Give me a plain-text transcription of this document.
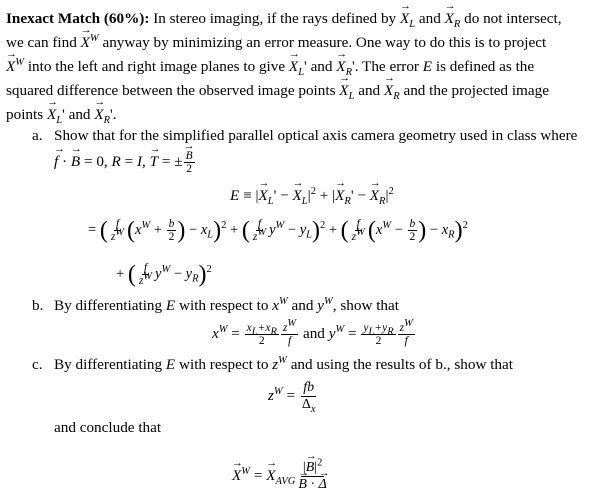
Inexact Match (60%): In stereo imaging, if the rays defined by → $X_L$ and → $X_R$ do not intersect,
we can find → $X^W$ anyway by minimizing an error measure. One way to do this is to project
→ $X^W$ into the left and right image planes to give → $X_L'$ and → $X_R'$. The error E is defined as the
squared difference between the observed image points → $X_L$ and → $X_R$ and the projected image
points → $X_L'$ and → $X_R'$.
a. Show that for the simplified parallel optical axis camera geometry used in class where
→ f · → B = 0, R = I, → T = ±
→ $\frac{B}{2}$
E ≡ |→ $X_L'$ − → $X_L|^2$ + |→ $X_R'$ − → $X_R|^2$
= ( $\frac{f}{z^W} (x^W + \frac{b}{2}$ ) − $x_L)^2$ + ( $\frac{f}{z^W} y^W - y_L)^2$ + ( $\frac{f}{z^W} (x^W - \frac{b}{2}$ ) − $x_R)^2$
+ ( $\frac{f}{z^W} y^W - y_R)^2$
b. By differentiating E with respect to $x^W$ and $y^W$, show that
$x^W = \frac{x_L+x_R}{2} \frac{z^W}{f}$ and $y^W = \frac{y_L+y_R}{2} \frac{z^W}{f}$
c. By differentiating E with respect to $z^W$ and using the results of b., show that
$z^W = \frac{fb}{\Delta_x}$
and conclude that
→ $X^W$ = → $X_{AVG}$ |→ $B|^2$
→ B · → Δ
